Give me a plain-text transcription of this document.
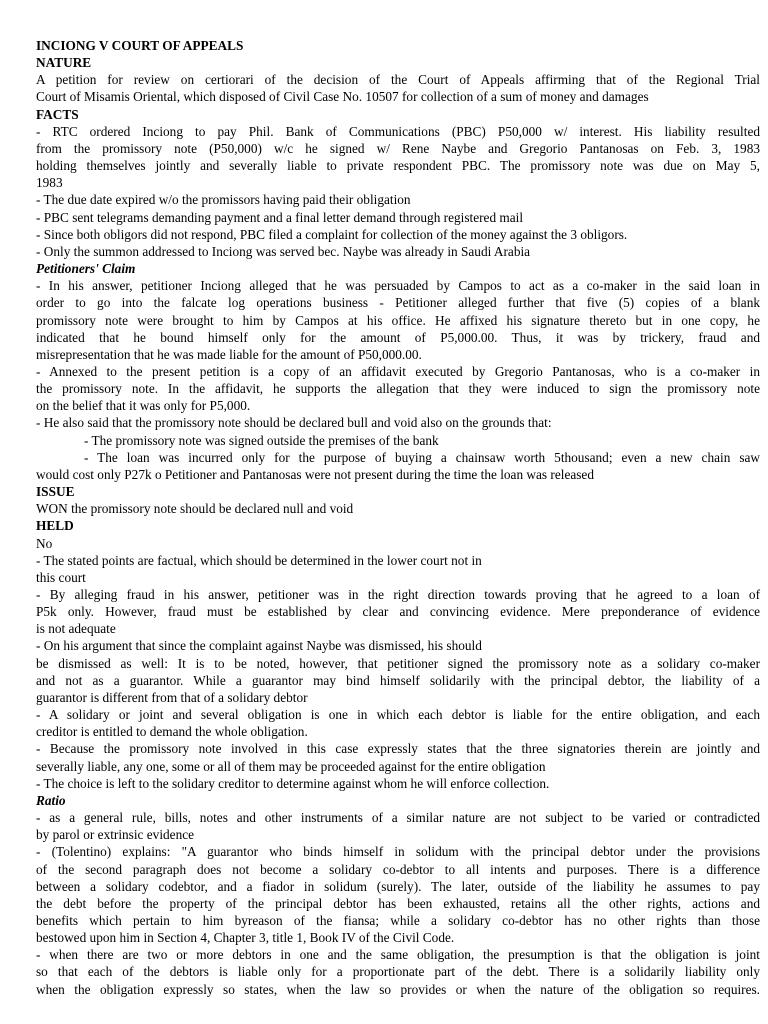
INCIONG V COURT OF APPEALS
NATURE
A petition for review on certiorari of the decision of the Court of Appeals affirming that of the Regional Trial
Court of Misamis Oriental, which disposed of Civil Case No. 10507 for collection of a sum of money and damages
FACTS
- RTC ordered Inciong to pay Phil. Bank of Communications (PBC) P50,000 w/ interest. His liability resulted
from the promissory note (P50,000) w/c he signed w/ Rene Naybe and Gregorio Pantanosas on Feb. 3, 1983
holding themselves jointly and severally liable to private respondent PBC. The promissory note was due on May 5,
1983
- The due date expired w/o the promissors having paid their obligation
- PBC sent telegrams demanding payment and a final letter demand through registered mail
- Since both obligors did not respond, PBC filed a complaint for collection of the money against the 3 obligors.
- Only the summon addressed to Inciong was served bec. Naybe was already in Saudi Arabia
Petitioners' Claim
- In his answer, petitioner Inciong alleged that he was persuaded by Campos to act as a co-maker in the said loan in
order to go into the falcate log operations business - Petitioner alleged further that five (5) copies of a blank
promissory note were brought to him by Campos at his office. He affixed his signature thereto but in one copy, he
indicated that he bound himself only for the amount of P5,000.00. Thus, it was by trickery, fraud and
misrepresentation that he was made liable for the amount of P50,000.00.
- Annexed to the present petition is a copy of an affidavit executed by Gregorio Pantanosas, who is a co-maker in
the promissory note. In the affidavit, he supports the allegation that they were induced to sign the promissory note
on the belief that it was only for P5,000.
- He also said that the promissory note should be declared bull and void also on the grounds that:
- The promissory note was signed outside the premises of the bank
- The loan was incurred only for the purpose of buying a chainsaw worth 5thousand; even a new chain saw
would cost only P27k o Petitioner and Pantanosas were not present during the time the loan was released
ISSUE
WON the promissory note should be declared null and void
HELD
No
- The stated points are factual, which should be determined in the lower court not in
this court
- By alleging fraud in his answer, petitioner was in the right direction towards proving that he agreed to a loan of
P5k only. However, fraud must be established by clear and convincing evidence. Mere preponderance of evidence
is not adequate
- On his argument that since the complaint against Naybe was dismissed, his should
be dismissed as well: It is to be noted, however, that petitioner signed the promissory note as a solidary co-maker
and not as a guarantor. While a guarantor may bind himself solidarily with the principal debtor, the liability of a
guarantor is different from that of a solidary debtor
- A solidary or joint and several obligation is one in which each debtor is liable for the entire obligation, and each
creditor is entitled to demand the whole obligation.
- Because the promissory note involved in this case expressly states that the three signatories therein are jointly and
severally liable, any one, some or all of them may be proceeded against for the entire obligation
- The choice is left to the solidary creditor to determine against whom he will enforce collection.
Ratio
- as a general rule, bills, notes and other instruments of a similar nature are not subject to be varied or contradicted
by parol or extrinsic evidence
- (Tolentino) explains: "A guarantor who binds himself in solidum with the principal debtor under the provisions
of the second paragraph does not become a solidary co-debtor to all intents and purposes. There is a difference
between a solidary codebtor, and a fiador in solidum (surely). The later, outside of the liability he assumes to pay
the debt before the property of the principal debtor has been exhausted, retains all the other rights, actions and
benefits which pertain to him byreason of the fiansa; while a solidary co-debtor has no other rights than those
bestowed upon him in Section 4, Chapter 3, title 1, Book IV of the Civil Code.
- when there are two or more debtors in one and the same obligation, the presumption is that the obligation is joint
so that each of the debtors is liable only for a proportionate part of the debt. There is a solidarily liability only
when the obligation expressly so states, when the law so provides or when the nature of the obligation so requires.
